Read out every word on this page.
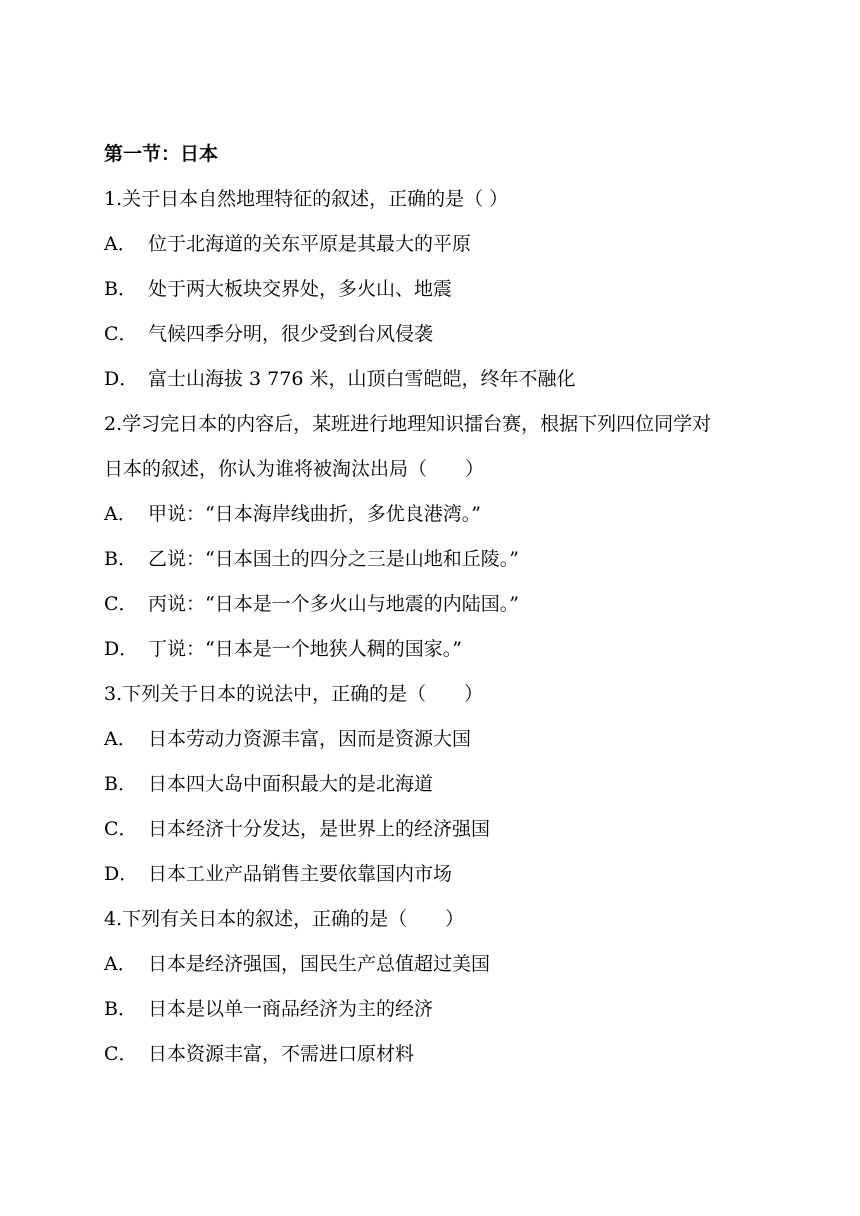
第一节：日本
1.关于日本自然地理特征的叙述，正确的是（ ）
A． 位于北海道的关东平原是其最大的平原
B． 处于两大板块交界处，多火山、地震
C． 气候四季分明，很少受到台风侵袭
D． 富士山海拔 3 776 米，山顶白雪皑皑，终年不融化
2.学习完日本的内容后，某班进行地理知识擂台赛，根据下列四位同学对
日本的叙述，你认为谁将被淘汰出局（　　）
A． 甲说：“日本海岸线曲折，多优良港湾。”
B． 乙说：“日本国土的四分之三是山地和丘陵。”
C． 丙说：“日本是一个多火山与地震的内陆国。”
D． 丁说：“日本是一个地狭人稠的国家。”
3.下列关于日本的说法中，正确的是（　　）
A． 日本劳动力资源丰富，因而是资源大国
B． 日本四大岛中面积最大的是北海道
C． 日本经济十分发达，是世界上的经济强国
D． 日本工业产品销售主要依靠国内市场
4.下列有关日本的叙述，正确的是（　　）
A． 日本是经济强国，国民生产总值超过美国
B． 日本是以单一商品经济为主的经济
C． 日本资源丰富，不需进口原材料
